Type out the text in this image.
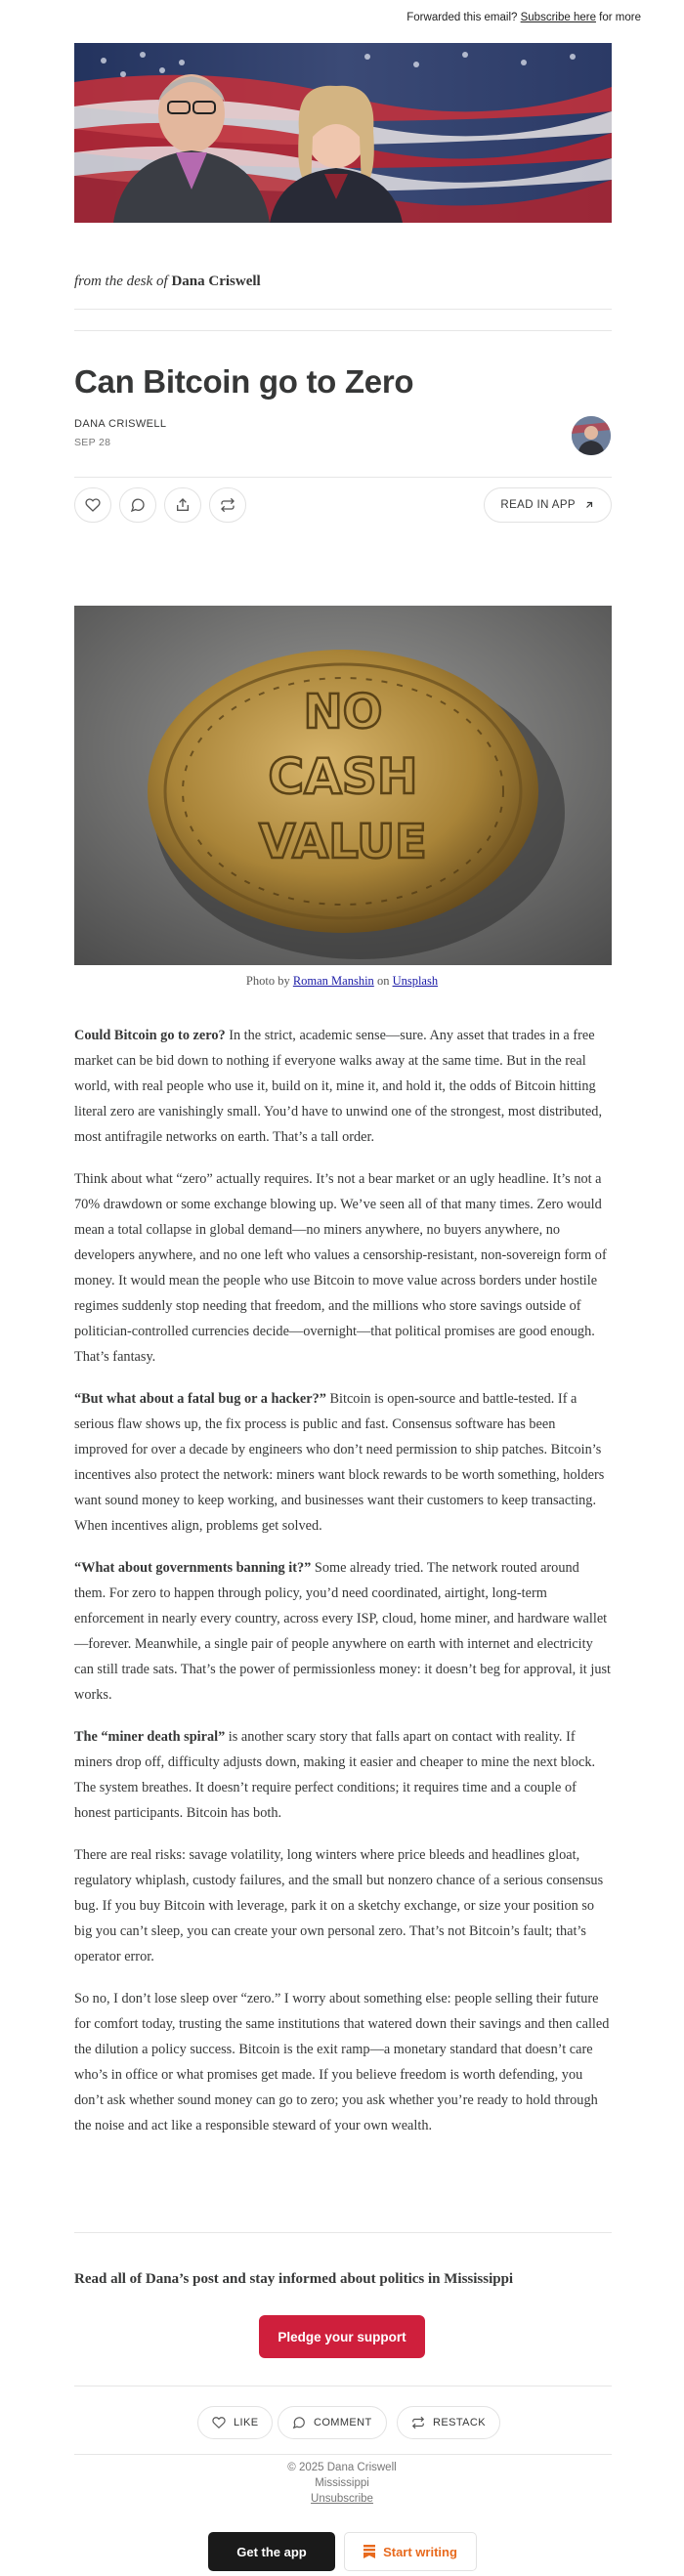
Forwarded this email? Subscribe here for more
from the desk of Dana Criswell
Can Bitcoin go to Zero
DANA CRISWELL
SEP 28
READ IN APP
NO
CASH
VALUE
Photo by Roman Manshin on Unsplash

Could Bitcoin go to zero? In the strict, academic sense—sure. Any asset that trades in a free market can be bid down to nothing if everyone walks away at the same time. But in the real world, with real people who use it, build on it, mine it, and hold it, the odds of Bitcoin hitting literal zero are vanishingly small. You’d have to unwind one of the strongest, most distributed, most antifragile networks on earth. That’s a tall order.

Think about what “zero” actually requires. It’s not a bear market or an ugly headline. It’s not a 70% drawdown or some exchange blowing up. We’ve seen all of that many times. Zero would mean a total collapse in global demand—no miners anywhere, no buyers anywhere, no developers anywhere, and no one left who values a censorship-resistant, non-sovereign form of money. It would mean the people who use Bitcoin to move value across borders under hostile regimes suddenly stop needing that freedom, and the millions who store savings outside of politician-controlled currencies decide—overnight—that political promises are good enough. That’s fantasy.

“But what about a fatal bug or a hacker?” Bitcoin is open-source and battle-tested. If a serious flaw shows up, the fix process is public and fast. Consensus software has been improved for over a decade by engineers who don’t need permission to ship patches. Bitcoin’s incentives also protect the network: miners want block rewards to be worth something, holders want sound money to keep working, and businesses want their customers to keep transacting. When incentives align, problems get solved.

“What about governments banning it?” Some already tried. The network routed around them. For zero to happen through policy, you’d need coordinated, airtight, long-term enforcement in nearly every country, across every ISP, cloud, home miner, and hardware wallet—forever. Meanwhile, a single pair of people anywhere on earth with internet and electricity can still trade sats. That’s the power of permissionless money: it doesn’t beg for approval, it just works.

The “miner death spiral” is another scary story that falls apart on contact with reality. If miners drop off, difficulty adjusts down, making it easier and cheaper to mine the next block. The system breathes. It doesn’t require perfect conditions; it requires time and a couple of honest participants. Bitcoin has both.

There are real risks: savage volatility, long winters where price bleeds and headlines gloat, regulatory whiplash, custody failures, and the small but nonzero chance of a serious consensus bug. If you buy Bitcoin with leverage, park it on a sketchy exchange, or size your position so big you can’t sleep, you can create your own personal zero. That’s not Bitcoin’s fault; that’s operator error.

So no, I don’t lose sleep over “zero.” I worry about something else: people selling their future for comfort today, trusting the same institutions that watered down their savings and then called the dilution a policy success. Bitcoin is the exit ramp—a monetary standard that doesn’t care who’s in office or what promises get made. If you believe freedom is worth defending, you don’t ask whether sound money can go to zero; you ask whether you’re ready to hold through the noise and act like a responsible steward of your own wealth.

Read all of Dana’s post and stay informed about politics in Mississippi
Pledge your support
LIKE	COMMENT	RESTACK
© 2025 Dana Criswell
Mississippi
Unsubscribe
Get the app	Start writing
